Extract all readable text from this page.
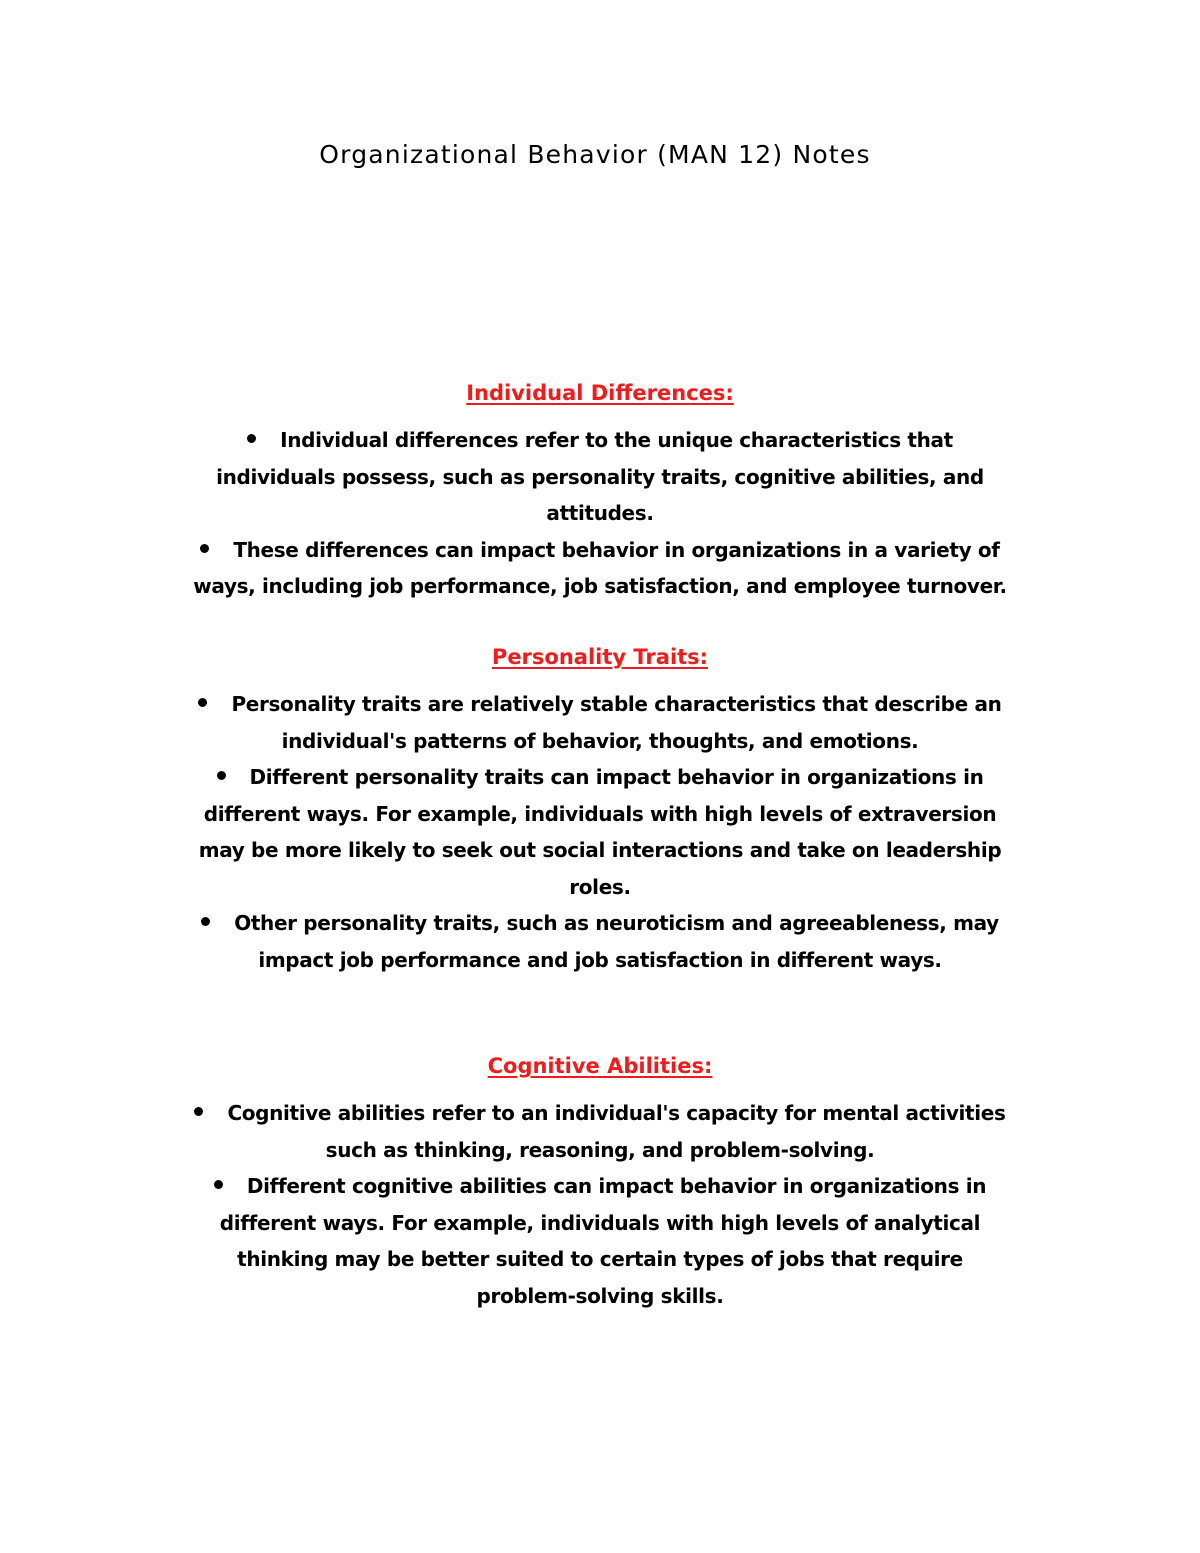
Organizational Behavior (MAN 12) Notes
Individual Differences:
Individual differences refer to the unique characteristics that individuals possess, such as personality traits, cognitive abilities, and attitudes.
These differences can impact behavior in organizations in a variety of ways, including job performance, job satisfaction, and employee turnover.
Personality Traits:
Personality traits are relatively stable characteristics that describe an individual's patterns of behavior, thoughts, and emotions.
Different personality traits can impact behavior in organizations in different ways. For example, individuals with high levels of extraversion may be more likely to seek out social interactions and take on leadership roles.
Other personality traits, such as neuroticism and agreeableness, may impact job performance and job satisfaction in different ways.
Cognitive Abilities:
Cognitive abilities refer to an individual's capacity for mental activities such as thinking, reasoning, and problem-solving.
Different cognitive abilities can impact behavior in organizations in different ways. For example, individuals with high levels of analytical thinking may be better suited to certain types of jobs that require problem-solving skills.
